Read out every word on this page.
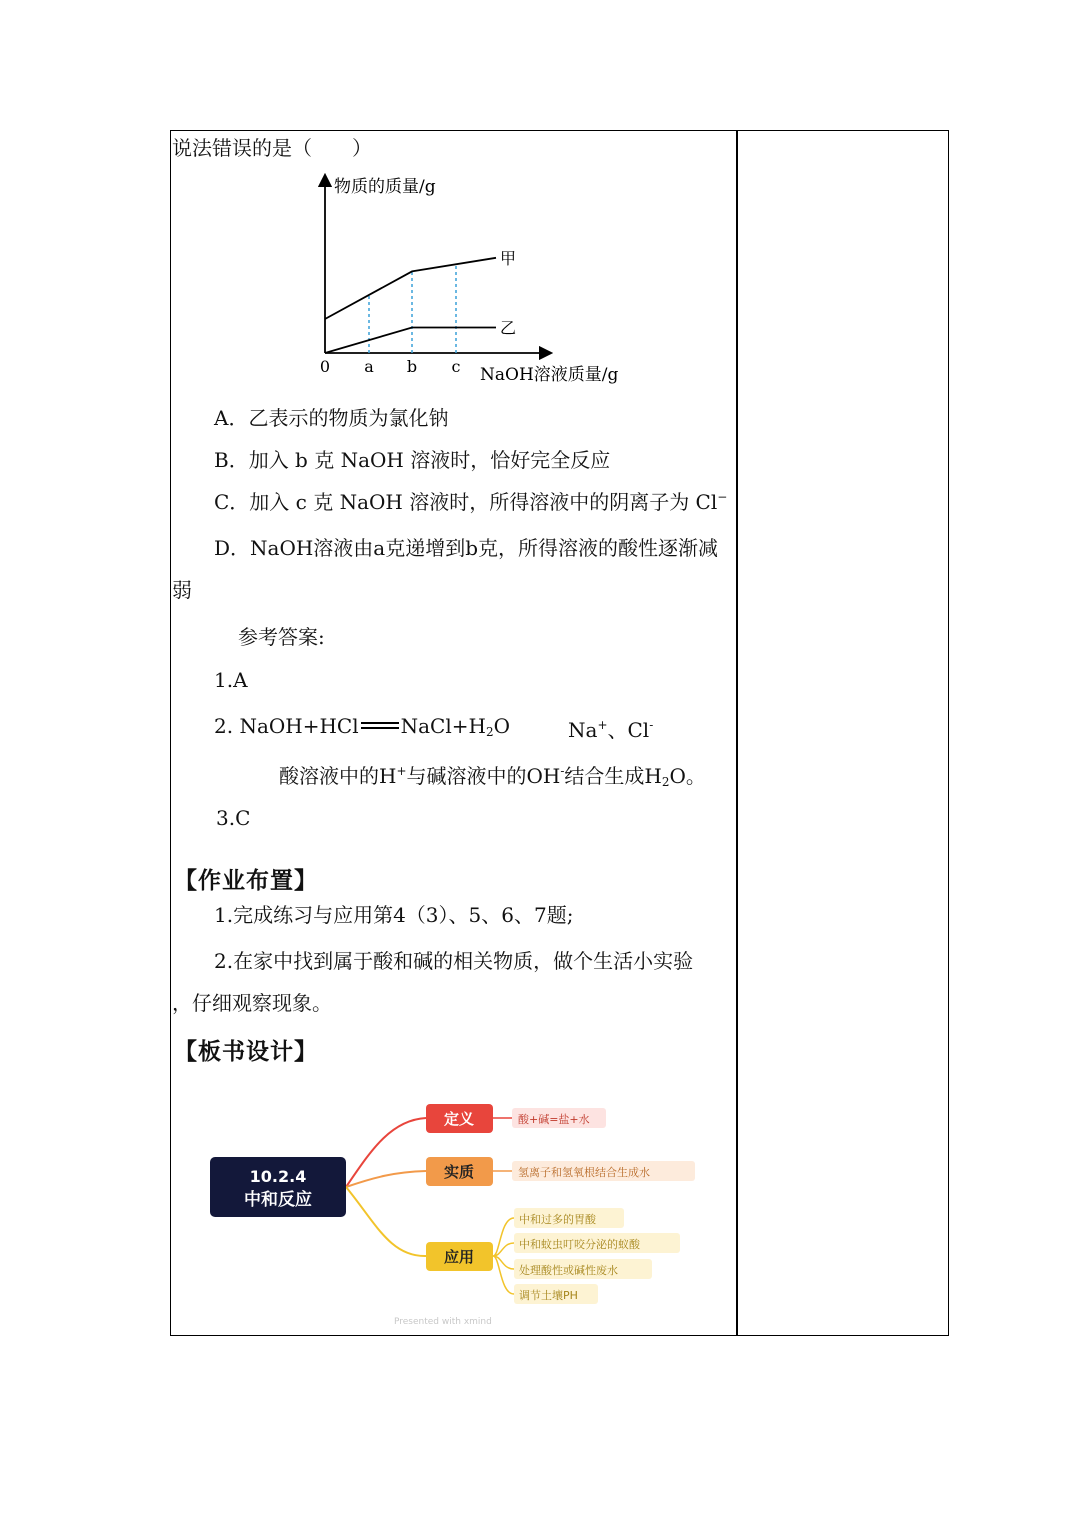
说法错误的是（　　）
物质的质量/g
NaOH溶液质量/g
0 a b c
甲
乙
A．乙表示的物质为氯化钠
B．加入 b 克 NaOH 溶液时，恰好完全反应
C．加入 c 克 NaOH 溶液时，所得溶液中的阴离子为 Cl−
D．NaOH溶液由a克递增到b克，所得溶液的酸性逐渐减
弱
参考答案:
1.A
2. NaOH+HCl $NaCl+H_2O$	Na+、Cl-
酸溶液中的H+与碱溶液中的OH-结合生成$H_2O$。
3.C
【作业布置】
1.完成练习与应用第4（3）、5、6、7题;
2.在家中找到属于酸和碱的相关物质，做个生活小实验
，仔细观察现象。
【板书设计】
10.2.4
中和反应
定义	酸+碱=盐+水
实质	氢离子和氢氧根结合生成水
应用
中和过多的胃酸
中和蚊虫叮咬分泌的蚁酸
处理酸性或碱性废水
调节土壤PH
Presented with xmind
